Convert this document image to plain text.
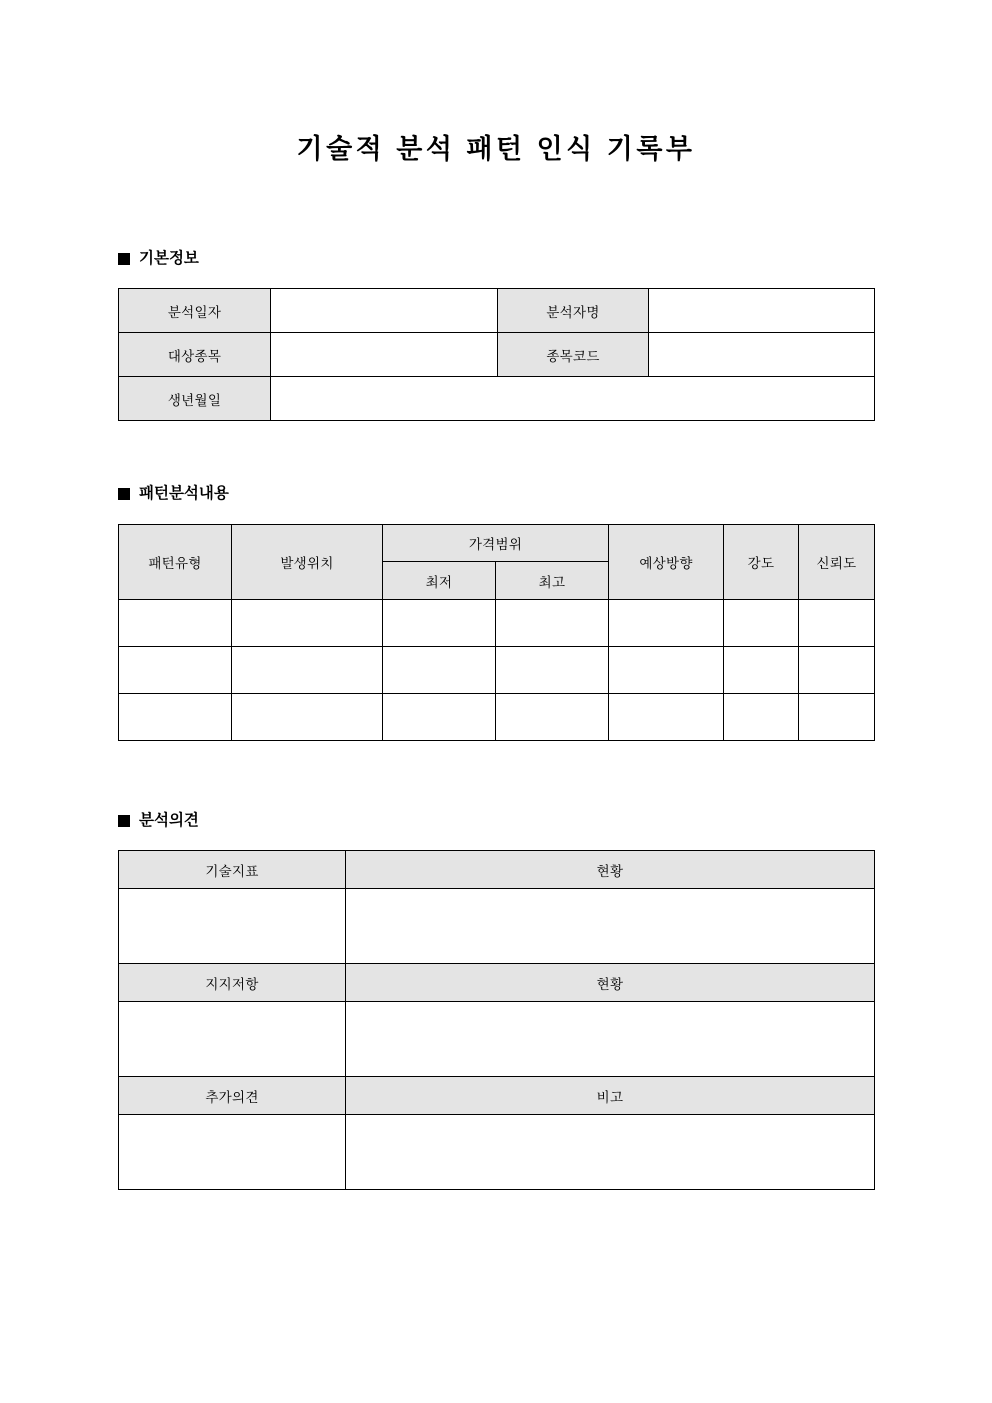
기술적 분석 패턴 인식 기록부
기본정보
분석일자		분석자명	
대상종목		종목코드	
생년월일			
패턴분석내용
패턴유형	발생위치	가격범위		예상방향	강도	신뢰도
		최저	최고			

분석의견
기술지표	현황

지지저항	현황

추가의견	비고
